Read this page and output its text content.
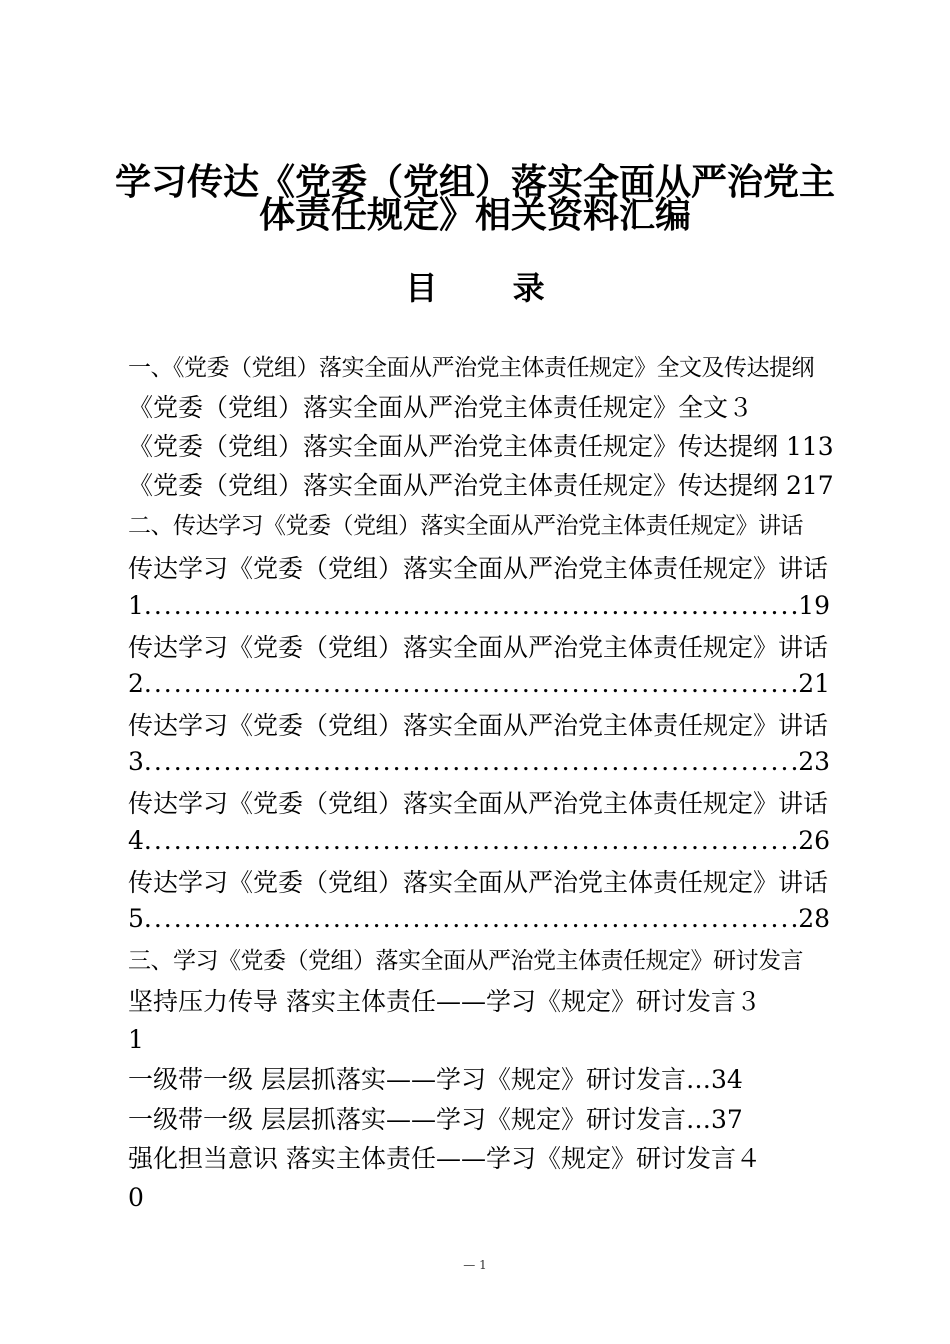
学习传达《党委（党组）落实全面从严治党主
体责任规定》相关资料汇编
目 录
一、《党委（党组）落实全面从严治党主体责任规定》全文及传达提纲
《党委（党组）落实全面从严治党主体责任规定》全文３
《党委（党组）落实全面从严治党主体责任规定》传达提纲 113
《党委（党组）落实全面从严治党主体责任规定》传达提纲 217
二、传达学习《党委（党组）落实全面从严治党主体责任规定》讲话
传达学习《党委（党组）落实全面从严治党主体责任规定》讲话
1 .....	19
传达学习《党委（党组）落实全面从严治党主体责任规定》讲话
2 .....	21
传达学习《党委（党组）落实全面从严治党主体责任规定》讲话
3 .....	23
传达学习《党委（党组）落实全面从严治党主体责任规定》讲话
4 .....	26
传达学习《党委（党组）落实全面从严治党主体责任规定》讲话
5 .....	28
三、学习《党委（党组）落实全面从严治党主体责任规定》研讨发言
坚持压力传导 落实主体责任——学习《规定》研讨发言３
1
一级带一级 层层抓落实——学习《规定》研讨发言…34
一级带一级 层层抓落实——学习《规定》研讨发言…37
强化担当意识 落实主体责任——学习《规定》研讨发言４
0
— 1
